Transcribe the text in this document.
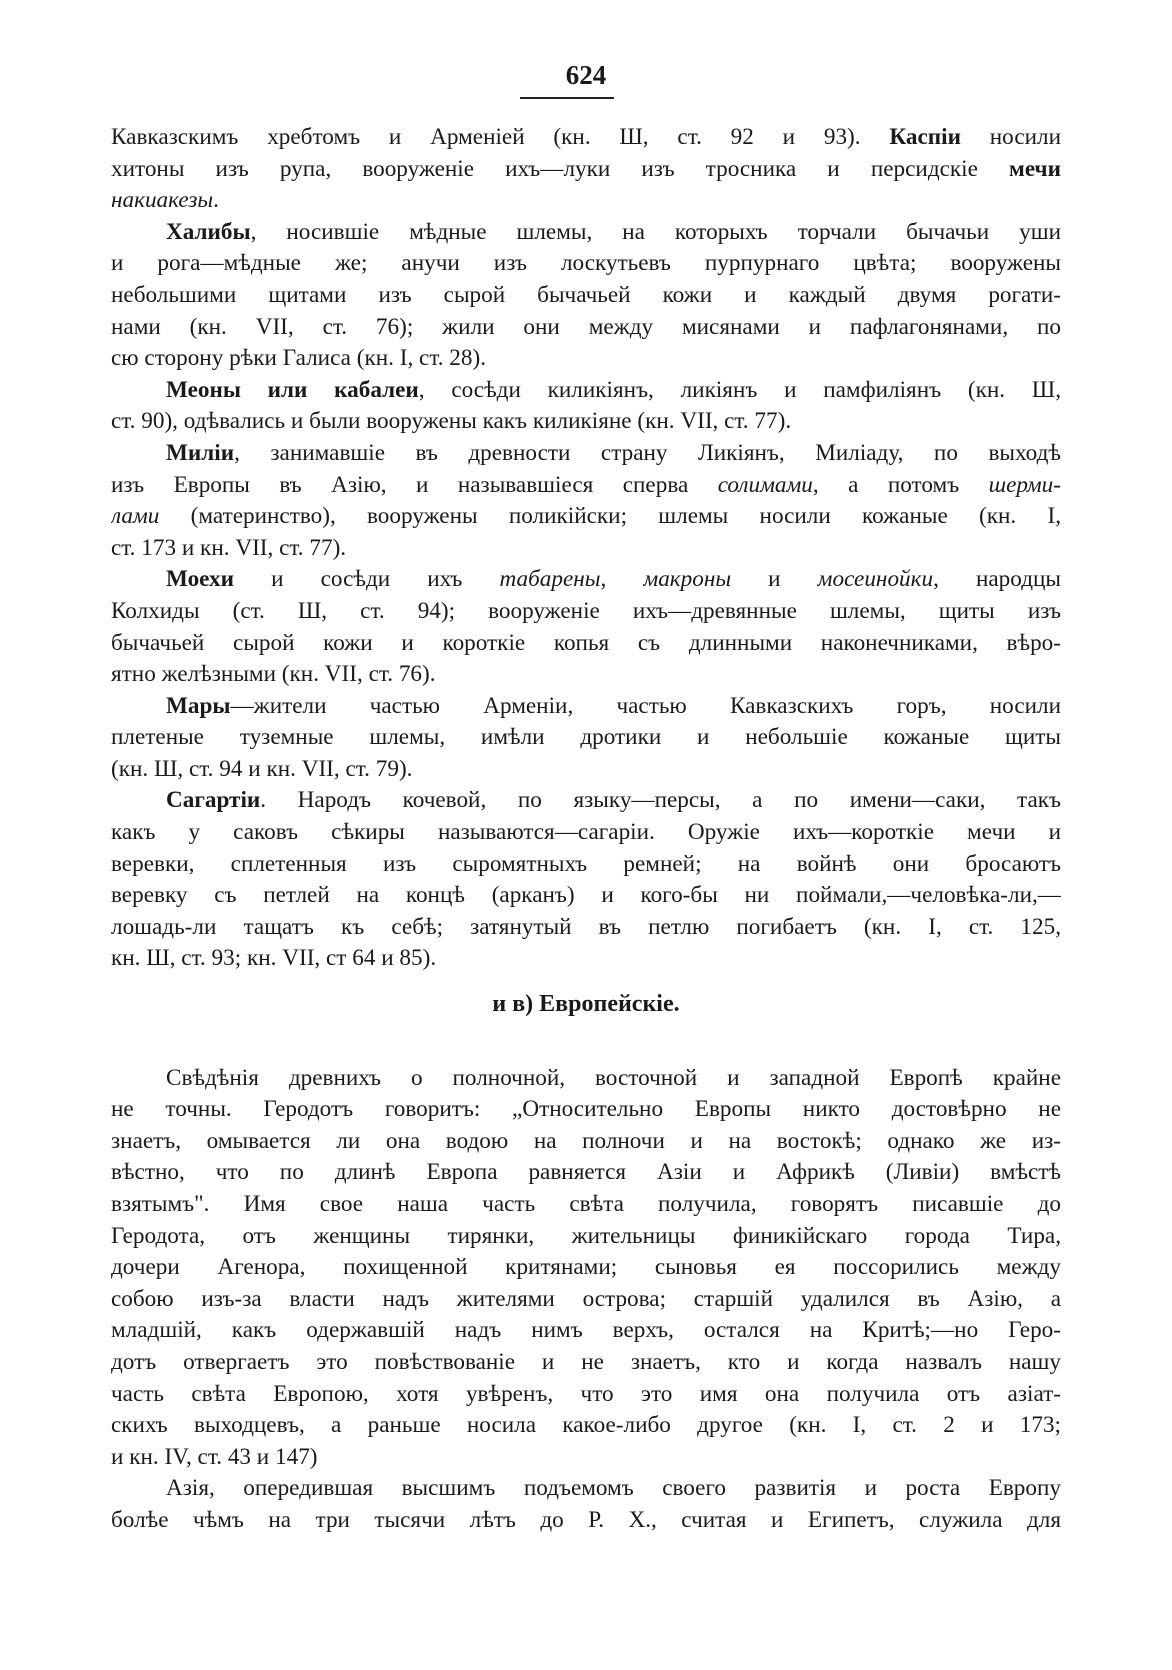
624
Кавказскимъ хребтомъ и Арменіей (кн. Ш, ст. 92 и 93). Каспіи носили
хитоны изъ рупа, вооруженіе ихъ—луки изъ тросника и персидскіе мечи
накиакезы.
Халибы, носившіе мѣдные шлемы, на которыхъ торчали бычачьи уши
и рога—мѣдные же; анучи изъ лоскутьевъ пурпурнаго цвѣта; вооружены
небольшими щитами изъ сырой бычачьей кожи и каждый двумя рогати-
нами (кн. VII, ст. 76); жили они между мисянами и пафлагонянами, по
сю сторону рѣки Галиса (кн. I, ст. 28).
Меоны или кабалеи, сосѣди киликіянъ, ликіянъ и памфиліянъ (кн. Ш,
ст. 90), одѣвались и были вооружены какъ киликіяне (кн. VII, ст. 77).
Миліи, занимавшіе въ древности страну Ликіянъ, Миліаду, по выходѣ
изъ Европы въ Азію, и называвшіеся сперва солимами, а потомъ шерми-
лами (материнство), вооружены поликійски; шлемы носили кожаные (кн. I,
ст. 173 и кн. VII, ст. 77).
Моехи и сосѣди ихъ табарены, макроны и мосеинойки, народцы
Колхиды (ст. Ш, ст. 94); вооруженіе ихъ—древянные шлемы, щиты изъ
бычачьей сырой кожи и короткіе копья съ длинными наконечниками, вѣро-
ятно желѣзными (кн. VII, ст. 76).
Мары—жители частью Арменіи, частью Кавказскихъ горъ, носили
плетеные туземные шлемы, имѣли дротики и небольшіе кожаные щиты
(кн. Ш, ст. 94 и кн. VII, ст. 79).
Сагартіи. Народъ кочевой, по языку—персы, а по имени—саки, такъ
какъ у саковъ сѣкиры называются—сагаріи. Оружіе ихъ—короткіе мечи и
веревки, сплетенныя изъ сыромятныхъ ремней; на войнѣ они бросаютъ
веревку съ петлей на концѣ (арканъ) и кого-бы ни поймали,—человѣка-ли,—
лошадь-ли тащатъ къ себѣ; затянутый въ петлю погибаетъ (кн. I, ст. 125,
кн. Ш, ст. 93; кн. VII, ст 64 и 85).
и в) Европейскіе.
Свѣдѣнія древнихъ о полночной, восточной и западной Европѣ крайне
не точны. Геродотъ говоритъ: „Относительно Европы никто достовѣрно не
знаетъ, омывается ли она водою на полночи и на востокѣ; однако же из-
вѣстно, что по длинѣ Европа равняется Азіи и Африкѣ (Ливіи) вмѣстѣ
взятымъ". Имя свое наша часть свѣта получила, говорятъ писавшіе до
Геродота, отъ женщины тирянки, жительницы финикійскаго города Тира,
дочери Агенора, похищенной критянами; сыновья ея поссорились между
собою изъ-за власти надъ жителями острова; старшій удалился въ Азію, а
младшій, какъ одержавшій надъ нимъ верхъ, остался на Критѣ;—но Геро-
дотъ отвергаетъ это повѣствованіе и не знаетъ, кто и когда назвалъ нашу
часть свѣта Европою, хотя увѣренъ, что это имя она получила отъ азіат-
скихъ выходцевъ, а раньше носила какое-либо другое (кн. I, ст. 2 и 173;
и кн. IV, ст. 43 и 147)
Азія, опередившая высшимъ подъемомъ своего развитія и роста Европу
болѣе чѣмъ на три тысячи лѣтъ до Р. Х., считая и Египетъ, служила для
